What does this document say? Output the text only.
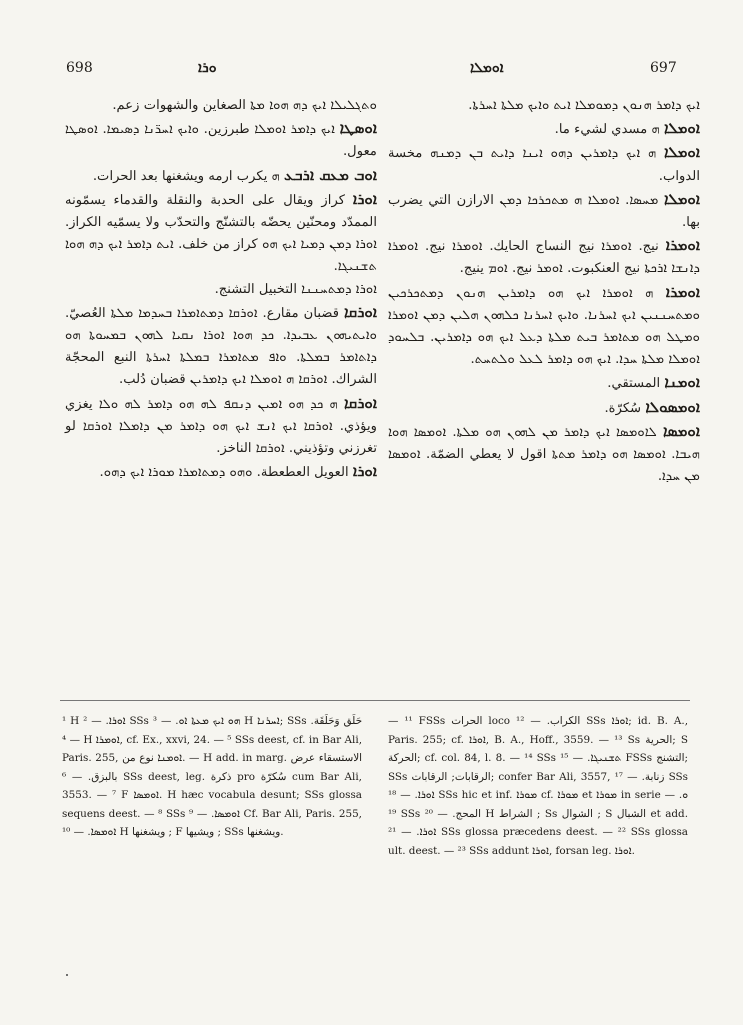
698	ܘܪܐ	ܐܘܡܠܐ	697

ܘܬܓܠܝܠܐ ܐܝܟ ܕܗ ܗܘܐ ܡܬܐ الصغاين والشهوات زعم.

ܐܘܣܛܐ ܐܝܟ ܕܐܡܪ ܐܘܡܠܐ طبرزين. ܘܐܝܟ ܐܚܪ̈ܢܐ ܕܣܝܡܐ. ܐܘܣܛܐ معول.

ܐܘܒ ܡܥܩ ܐܪܒܥ ܗ يكرب ارمه ويشغنها بعد الحرات.

ܐܘܪܐ كراز ويقال على الحدبة والنقلة والقدماء يسمّونه الممدّد ومحنّين يحضّه بالتشنّج والتحدّب ولا يسمّيه الكراز. ܐܘܪܐ ܕܡܢ ܕܡܝܐ ܐܝܟ ܗܘ كراز من خلف. ܐܝܬ ܕܐܡܪ ܐܝܟ ܕܗ ܗܘܐ ܬܫܢܝܓܐ.

ܐܘܪܐ ܕܡܬܚܢܢܐ التخبيل التشنج.

ܐܘܪܩܐ قضبان مقارع. ܐܘܪܩܐ ܕܡܬܐܡܪܐ ܒܚܕܡܐ ܡܠܬܐ العُصيّ. ܘܐܝܬܝܗܘܢ ܥܒܝܕܐ. ܟܕ ܗܘܐ ܐܘܪܐ ܢܩܝܐ ܠܗܘܢ ܒܡܚܘܬܐ ܗܘ ܕܐܬܐܡܪ ܒܡܠܬܐ. ܘܐܦ ܡܬܐܡܪܐ ܒܡܠܬܐ ܐܚܪܬܐ النبع المحجّة الشراك. ܐܘܪܩܐ ܗ ܐܘܡܠܐ ܐܝܟ ܕܐܡܪܝܢ قضبان دُلب.

ܐܘܪܩܐ ܗ ܟܕ ܗܘ ܐܡܝܢ ܕܢܩܦ ܠܗ ܗܘ ܕܐܡܪ ܠܗ ܘܠܐ يغزي ويؤذي. ܐܘܪܩܐ ܐܝܟ ܐܢܫ ܐܝܟ ܗܘ ܕܐܡܪ ܡܢ ܕܐܡܠܐ ܐܘܪܩܐ لو تغرزني وتؤذيني. ܐܘܪܩܐ الناخز.

ܐܘܪܐ العويل العطعطة. ܘܗܘ ܕܡܬܐܡܪܐ ܡܘܪܐ ܐܝܟ ܕܗܘ.

ܐܝܟ ܕܐܡܪ ܗܢܘܢ ܕܡܘܡܠܐ ܐܝܬ ܘܐܝܟ ܡܠܬܐ ܐܚܪܬܐ.

ܐܘܡܠܐ ܗ مسدي لشيء ما.

ܐܘܡܠܐ ܗ ܐܝܟ ܕܐܡܪܝܢ ܕܗܘ ܐܝܢܐ ܕܐܝܬ ܒܢ ܕܡܢܗ مخسة الدواب.

ܐܘܡܠܐ ܡܚܣܐ. ܐܘܡܠܐ ܗ ܡܬܟܪܟܐ ܕܡܢ الارازن التي يضرب بها.

ܐܘܡܪܐ نيج. ܐܘܡܪܐ نيج النساج الحايك. ܐܘܡܪܐ نيج. ܐܘܡܪܐ ܕܐܢܫܐ ܐܪܟܬܐ نيج العنكبوت. ܐܘܡܪ نيج. ܐܘܡ ينيج.

ܐܘܡܪܐ ܗ ܐܘܡܪܐ ܐܝܟ ܗܘ ܕܐܡܪܝܢ ܗܢܘܢ ܕܡܬܟܪܟܝܢ ܘܡܬܚܢܢܝܢ ܐܝܟ ܐܚܪܢܐ. ܘܐܝܟ ܐܚܪܢܐ ܟܠܗܘܢ ܗܠܝܢ ܕܡܢ ܐܘܡܪܐ ܘܡܛܠ ܗܘ ܡܬܐܡܪ ܒܝܬ ܡܠܬܐ ܕܥܠ ܐܝܟ ܗܘ ܕܐܡܪܝܢ. ܒܠܚܘܕ ܐܘܡܠܐ ܡܠܬܐ ܚܕܐ. ܐܝܟ ܗܘ ܕܐܡܪ ܠܥܠ ܘܠܬܚܬ.

ܐܘܡܢܐ المستقي.

ܐܘܡܣܘܠܐ سُكرّة.

ܐܘܡܣܐ ܠܐܘܡܣܐ ܐܝܟ ܕܐܡܪ ܡܢ ܠܗܘܢ ܗܘ ܡܠܬܐ. ܐܘܡܣܐ ܗܘܐ ܗܝܒܐ. ܐܘܡܣܐ ܗܘ ܕܐܡܪ ܡܬܬܐ اقول لا يعطي الضمّة. ܐܘܡܣܐ ܡܢ ܚܕܐ.

¹ H ܐܘܪܐ. — ² SSs ܗܘ ܐܝܟ ܡܥܬܐ ܐܘ. — ³ H ܐܚܪܢܐ; SSs حَلَق وَحَلَقَة. — ⁴ H ܐܘܡܪܐ, cf. Ex., xxvi, 24. — ⁵ SSs deest, cf. in Bar Ali, Paris. 255, ܐܘܡܢܐ نوع من. — H add. in marg. الاستسقاء عرض بالبزق. — ⁶ SSs deest, leg. ذكرة pro سُكرّة cum Bar Ali, 3553. — ⁷ F ܐܘܡܣܐ. H hæc vocabula desunt; SSs glossa sequens deest. — ⁸ SSs ܐܘܡܣܐ. — ⁹ Cf. Bar Ali, Paris. 255, ܐܘܡܣܐ. — ¹⁰ H ويشغنها ; F ويشيها ; SSs ويشغنها.

— ¹¹ FSSs الحرات loco الكراب. — ¹² SSs ܐܘܪܐ; id. B. A., Paris. 255; cf. ܐܘܪܐ, B. A., Hoff., 3559. — ¹³ Ss الحرية; S الحركة; cf. col. 84, l. 8. — ¹⁴ SSs ܬܫܢܝܓܐ. — ¹⁵ FSSs التشنج; SSs الرقابات; الرقابات; confer Bar Ali, 3557, زنابة. — ¹⁷ SSs ܐܘܪܐ. — ¹⁸ SSs hic et inf. ܡܘܪܐ cf. ܡܘܪܐ et ܡܘܪܐ in serie ܘ. — ¹⁹ SSs المحج. — ²⁰ H الشراط ; Ss الشوال ; S الشبال et add. ܐܘܪܐ. — ²¹ SSs glossa præcedens deest. — ²² SSs glossa ult. deest. — ²³ SSs addunt ܐܘܪܐ, forsan leg. ܐܘܪܐ.
